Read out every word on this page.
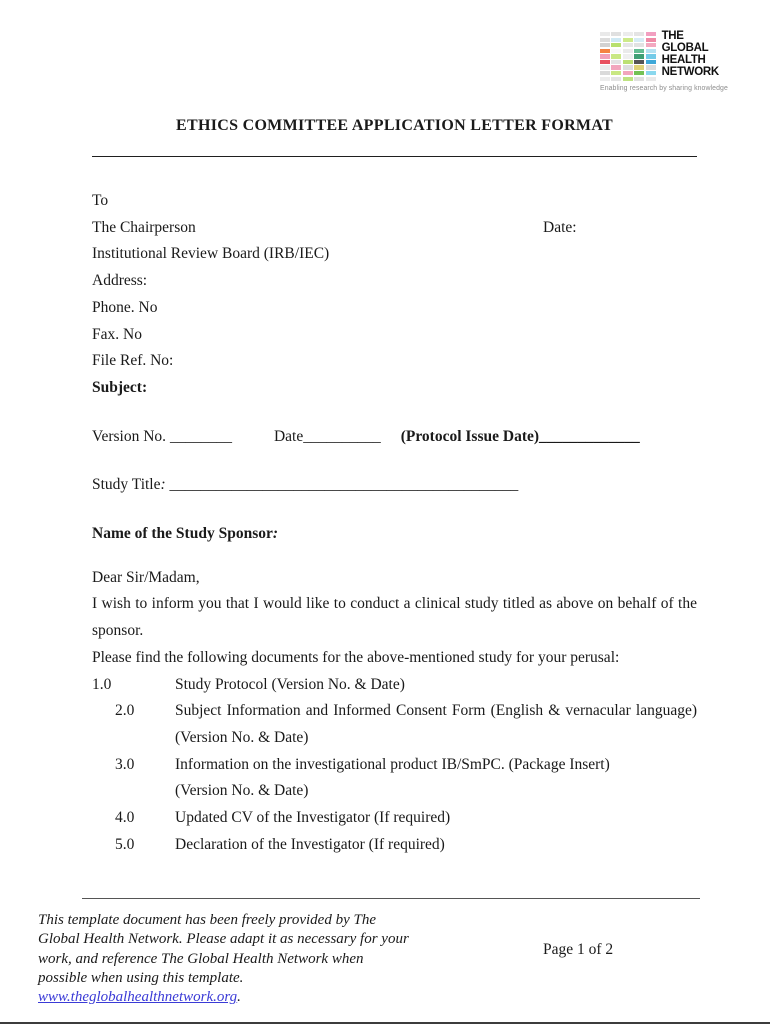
THE
GLOBAL
HEALTH
NETWORK
Enabling research by sharing knowledge
ETHICS COMMITTEE APPLICATION LETTER FORMAT
To
The Chairperson	Date:
Institutional Review Board (IRB/IEC)
Address:
Phone. No
Fax. No
File Ref. No:
Subject:
Version No. ________	Date__________ (Protocol Issue Date)_____________
Study Title: _____________________________________________
Name of the Study Sponsor:
Dear Sir/Madam,
I wish to inform you that I would like to conduct a clinical study titled as above on behalf of the
sponsor.
Please find the following documents for the above-mentioned study for your perusal:
1.0	Study Protocol (Version No. & Date)
2.0	Subject Information and Informed Consent Form (English & vernacular language)
(Version No. & Date)
3.0	Information on the investigational product IB/SmPC. (Package Insert)
(Version No. & Date)
4.0	Updated CV of the Investigator (If required)
5.0	Declaration of the Investigator (If required)
This template document has been freely provided by The
Global Health Network. Please adapt it as necessary for your
work, and reference The Global Health Network when
possible when using this template.
www.theglobalhealthnetwork.org.
Page 1 of 2
